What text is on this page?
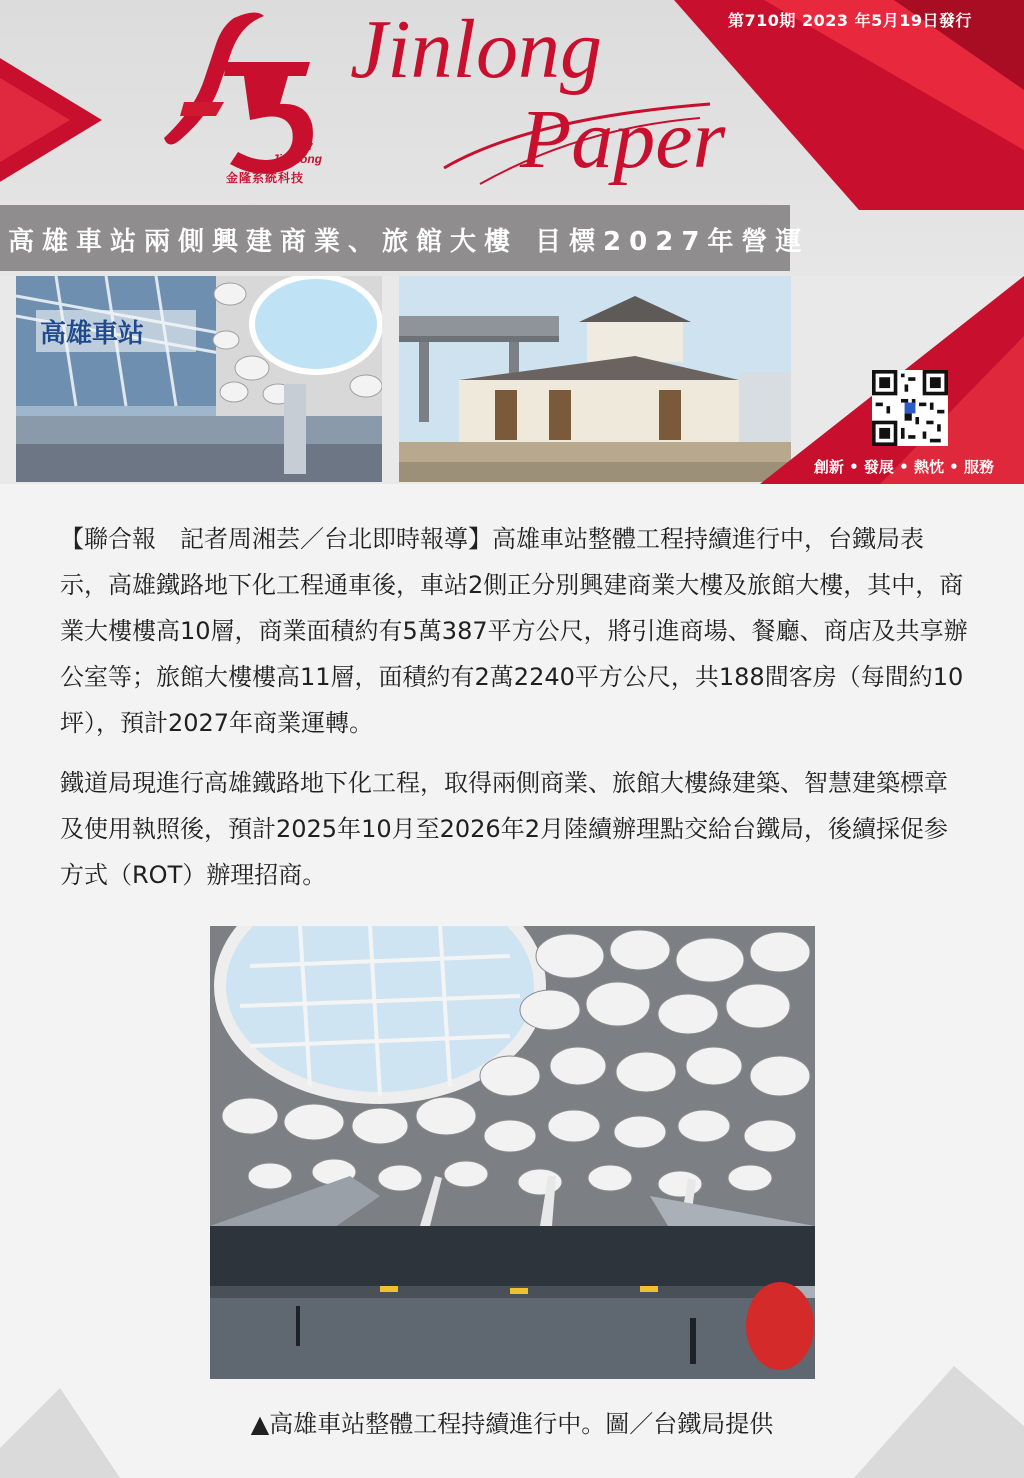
第710期 2023 年5月19日發行
1977
Jin Long
金隆系統科技
Jinlong
Paper
高雄車站兩側興建商業、旅館大樓 目標2027年營運
高雄車站
創新 • 發展 • 熱忱 • 服務

【聯合報　記者周湘芸／台北即時報導】高雄車站整體工程持續進行中，台鐵局表示，高雄鐵路地下化工程通車後，車站2側正分別興建商業大樓及旅館大樓，其中，商業大樓樓高10層，商業面積約有5萬387平方公尺，將引進商場、餐廳、商店及共享辦公室等；旅館大樓樓高11層，面積約有2萬2240平方公尺，共188間客房（每間約10坪），預計2027年商業運轉。

鐵道局現進行高雄鐵路地下化工程，取得兩側商業、旅館大樓綠建築、智慧建築標章及使用執照後，預計2025年10月至2026年2月陸續辦理點交給台鐵局，後續採促参方式（ROT）辦理招商。

▲高雄車站整體工程持續進行中。圖／台鐵局提供
